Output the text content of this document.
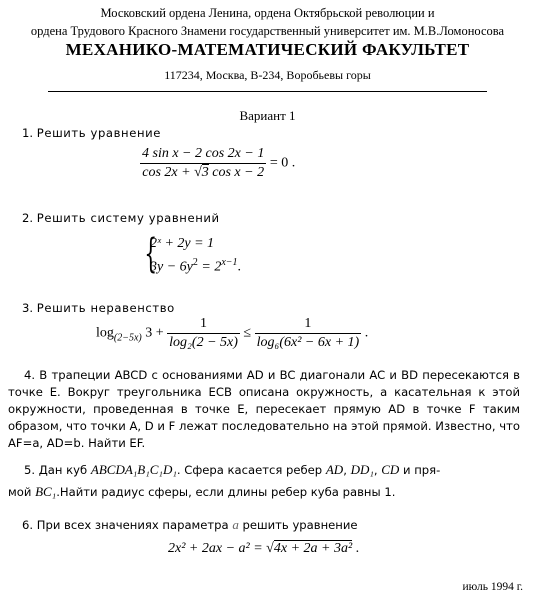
Московский ордена Ленина, ордена Октябрьской революции и
ордена Трудового Красного Знамени государственный университет им. М.В.Ломоносова
МЕХАНИКО-МАТЕМАТИЧЕСКИЙ ФАКУЛЬТЕТ
117234, Москва, В-234, Воробьевы горы
Вариант 1
1. Решить уравнение
$\frac{\text{4 sin x − 2 cos 2x − 1}}{\text{cos 2x + √3 cos x − 2}} = 0$ .
2. Решить систему уравнений
{
2ˣ + 2y = 1
$3y - 6y^2 = 2^{x-1}$.
3. Решить неравенство
$\log_{(2-5x)} 3 + \frac{1}{\text{log₂(2 − 5x)}} \le \frac{1}{\text{log₆(6x² − 6x + 1)}}$ .
4. В трапеции ABCD с основаниями AD и BC диагонали AC и BD пересекаются в точке E. Вокруг треугольника ECB описана окружность, а касательная к этой окружности, проведенная в точке E, пересекает прямую AD в точке F таким образом, что точки A, D и F лежат последовательно на этой прямой. Известно, что AF=a, AD=b. Найти EF.
5. Дан куб ABCDA₁B₁C₁D₁. Сфера касается ребер AD, DD₁, CD и пря-
мой BC₁.Найти радиус сферы, если длины ребер куба равны 1.
6. При всех значениях параметра a решить уравнение
2x² + 2ax − a² = √4x + 2a + 3a² .
июль 1994 г.
